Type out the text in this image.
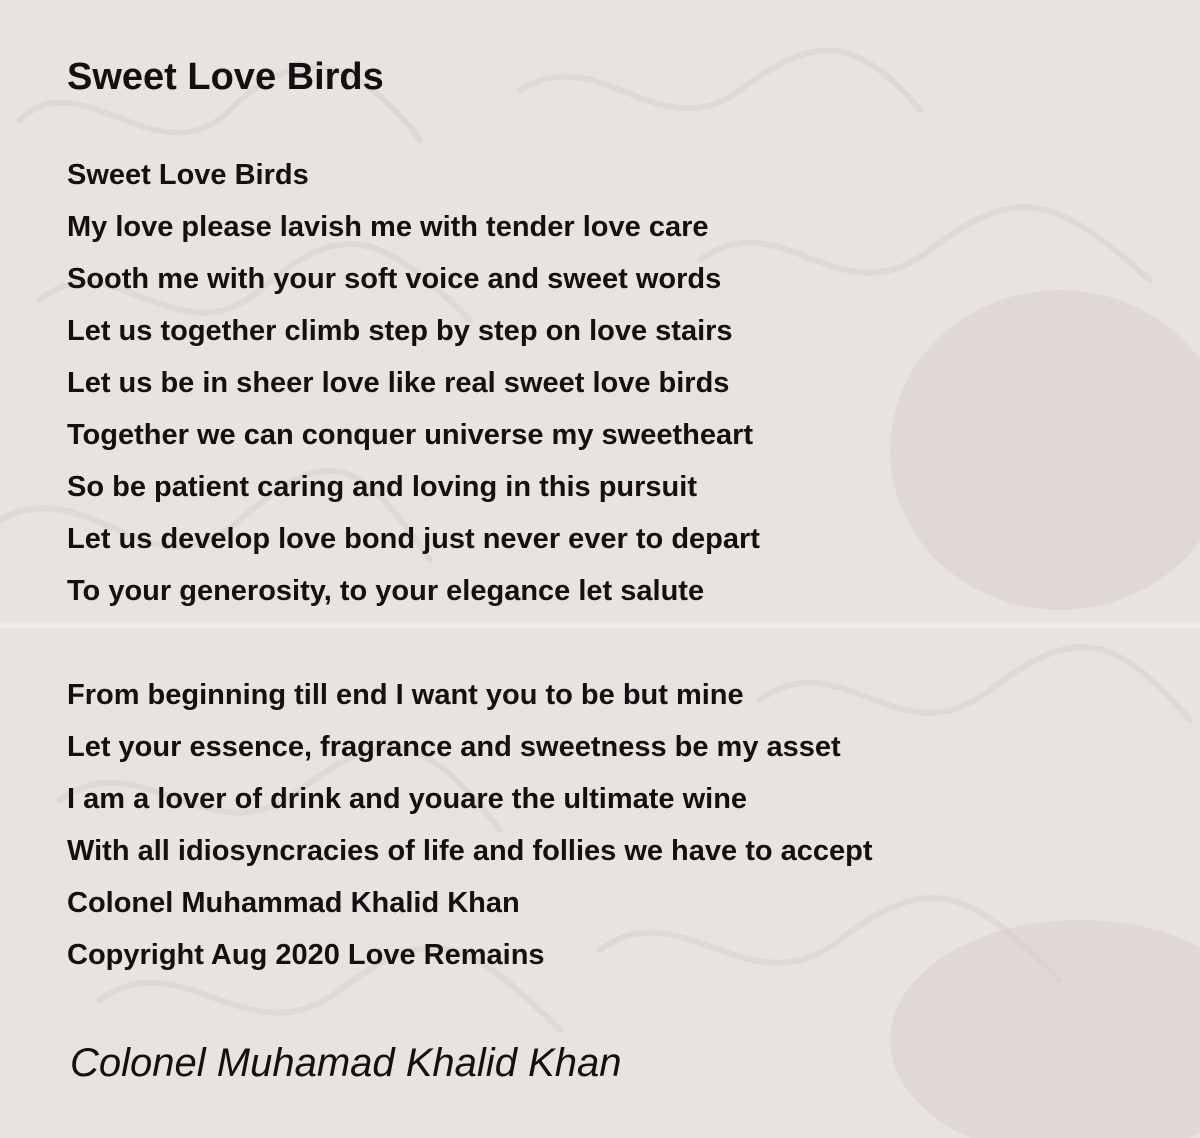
Sweet Love Birds
Sweet Love Birds
My love please lavish me with tender love care
Sooth me with your soft voice and sweet words
Let us together climb step by step on love stairs
Let us be in sheer love like real sweet love birds
Together we can conquer universe my sweetheart
So be patient caring and loving in this pursuit
Let us develop love bond just never ever to depart
To your generosity, to your elegance let salute
From beginning till end I want you to be but mine
Let your essence, fragrance and sweetness be my asset
I am a lover of drink and youare the ultimate wine
With all idiosyncracies of life and follies we have to accept
Colonel Muhammad Khalid Khan
Copyright Aug 2020 Love Remains
Colonel Muhamad Khalid Khan
